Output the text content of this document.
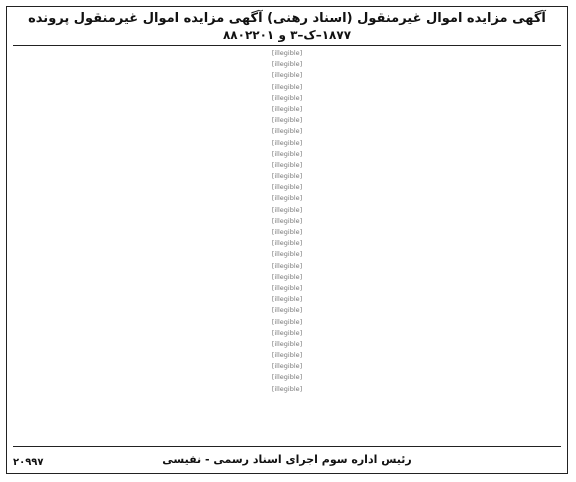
آگهی مزایده اموال غیرمنقول (اسناد رهنی) آگهی مزایده اموال غیرمنقول پرونده
۱۸۷۷–ک–۳ و ۸۸۰۲۲۰۱
[illegible]
[illegible]
[illegible]
[illegible]
[illegible]
[illegible]
[illegible]
[illegible]
[illegible]
[illegible]
[illegible]
[illegible]
[illegible]
[illegible]
[illegible]
[illegible]
[illegible]
[illegible]
[illegible]
[illegible]
[illegible]
[illegible]
[illegible]
[illegible]
[illegible]
[illegible]
[illegible]
[illegible]
[illegible]
[illegible]
[illegible]
رئیس اداره سوم اجرای اسناد رسمی - نفیسی
۲۰۹۹۷
